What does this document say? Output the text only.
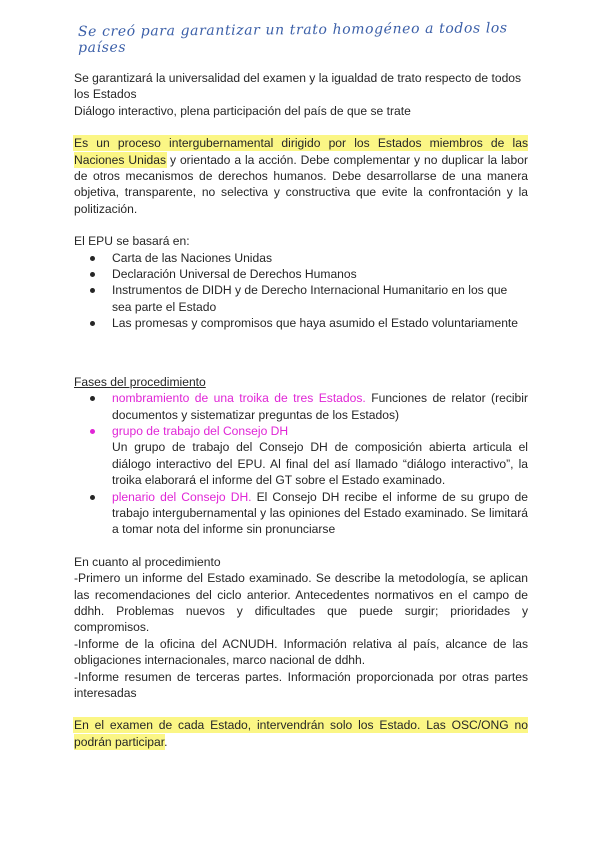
Se creó para garantizar un trato homogéneo a todos los países

Se garantizará la universalidad del examen y la igualdad de trato respecto de todos los Estados

Diálogo interactivo, plena participación del país de que se trate

Es un proceso intergubernamental dirigido por los Estados miembros de las Naciones Unidas y orientado a la acción. Debe complementar y no duplicar la labor de otros mecanismos de derechos humanos. Debe desarrollarse de una manera objetiva, transparente, no selectiva y constructiva que evite la confrontación y la politización.

El EPU se basará en:

Carta de las Naciones Unidas
Declaración Universal de Derechos Humanos
Instrumentos de DIDH y de Derecho Internacional Humanitario en los que sea parte el Estado
Las promesas y compromisos que haya asumido el Estado voluntariamente

Fases del procedimiento

nombramiento de una troika de tres Estados. Funciones de relator (recibir documentos y sistematizar preguntas de los Estados)
grupo de trabajo del Consejo DH
Un grupo de trabajo del Consejo DH de composición abierta articula el diálogo interactivo del EPU. Al final del así llamado “diálogo interactivo”, la troika elaborará el informe del GT sobre el Estado examinado.
plenario del Consejo DH. El Consejo DH recibe el informe de su grupo de trabajo intergubernamental y las opiniones del Estado examinado. Se limitará a tomar nota del informe sin pronunciarse

En cuanto al procedimiento

-Primero un informe del Estado examinado. Se describe la metodología, se aplican las recomendaciones del ciclo anterior. Antecedentes normativos en el campo de ddhh. Problemas nuevos y dificultades que puede surgir; prioridades y compromisos.

-Informe de la oficina del ACNUDH. Información relativa al país, alcance de las obligaciones internacionales, marco nacional de ddhh.

-Informe resumen de terceras partes. Información proporcionada por otras partes interesadas

En el examen de cada Estado, intervendrán solo los Estado. Las OSC/ONG no podrán participar.
